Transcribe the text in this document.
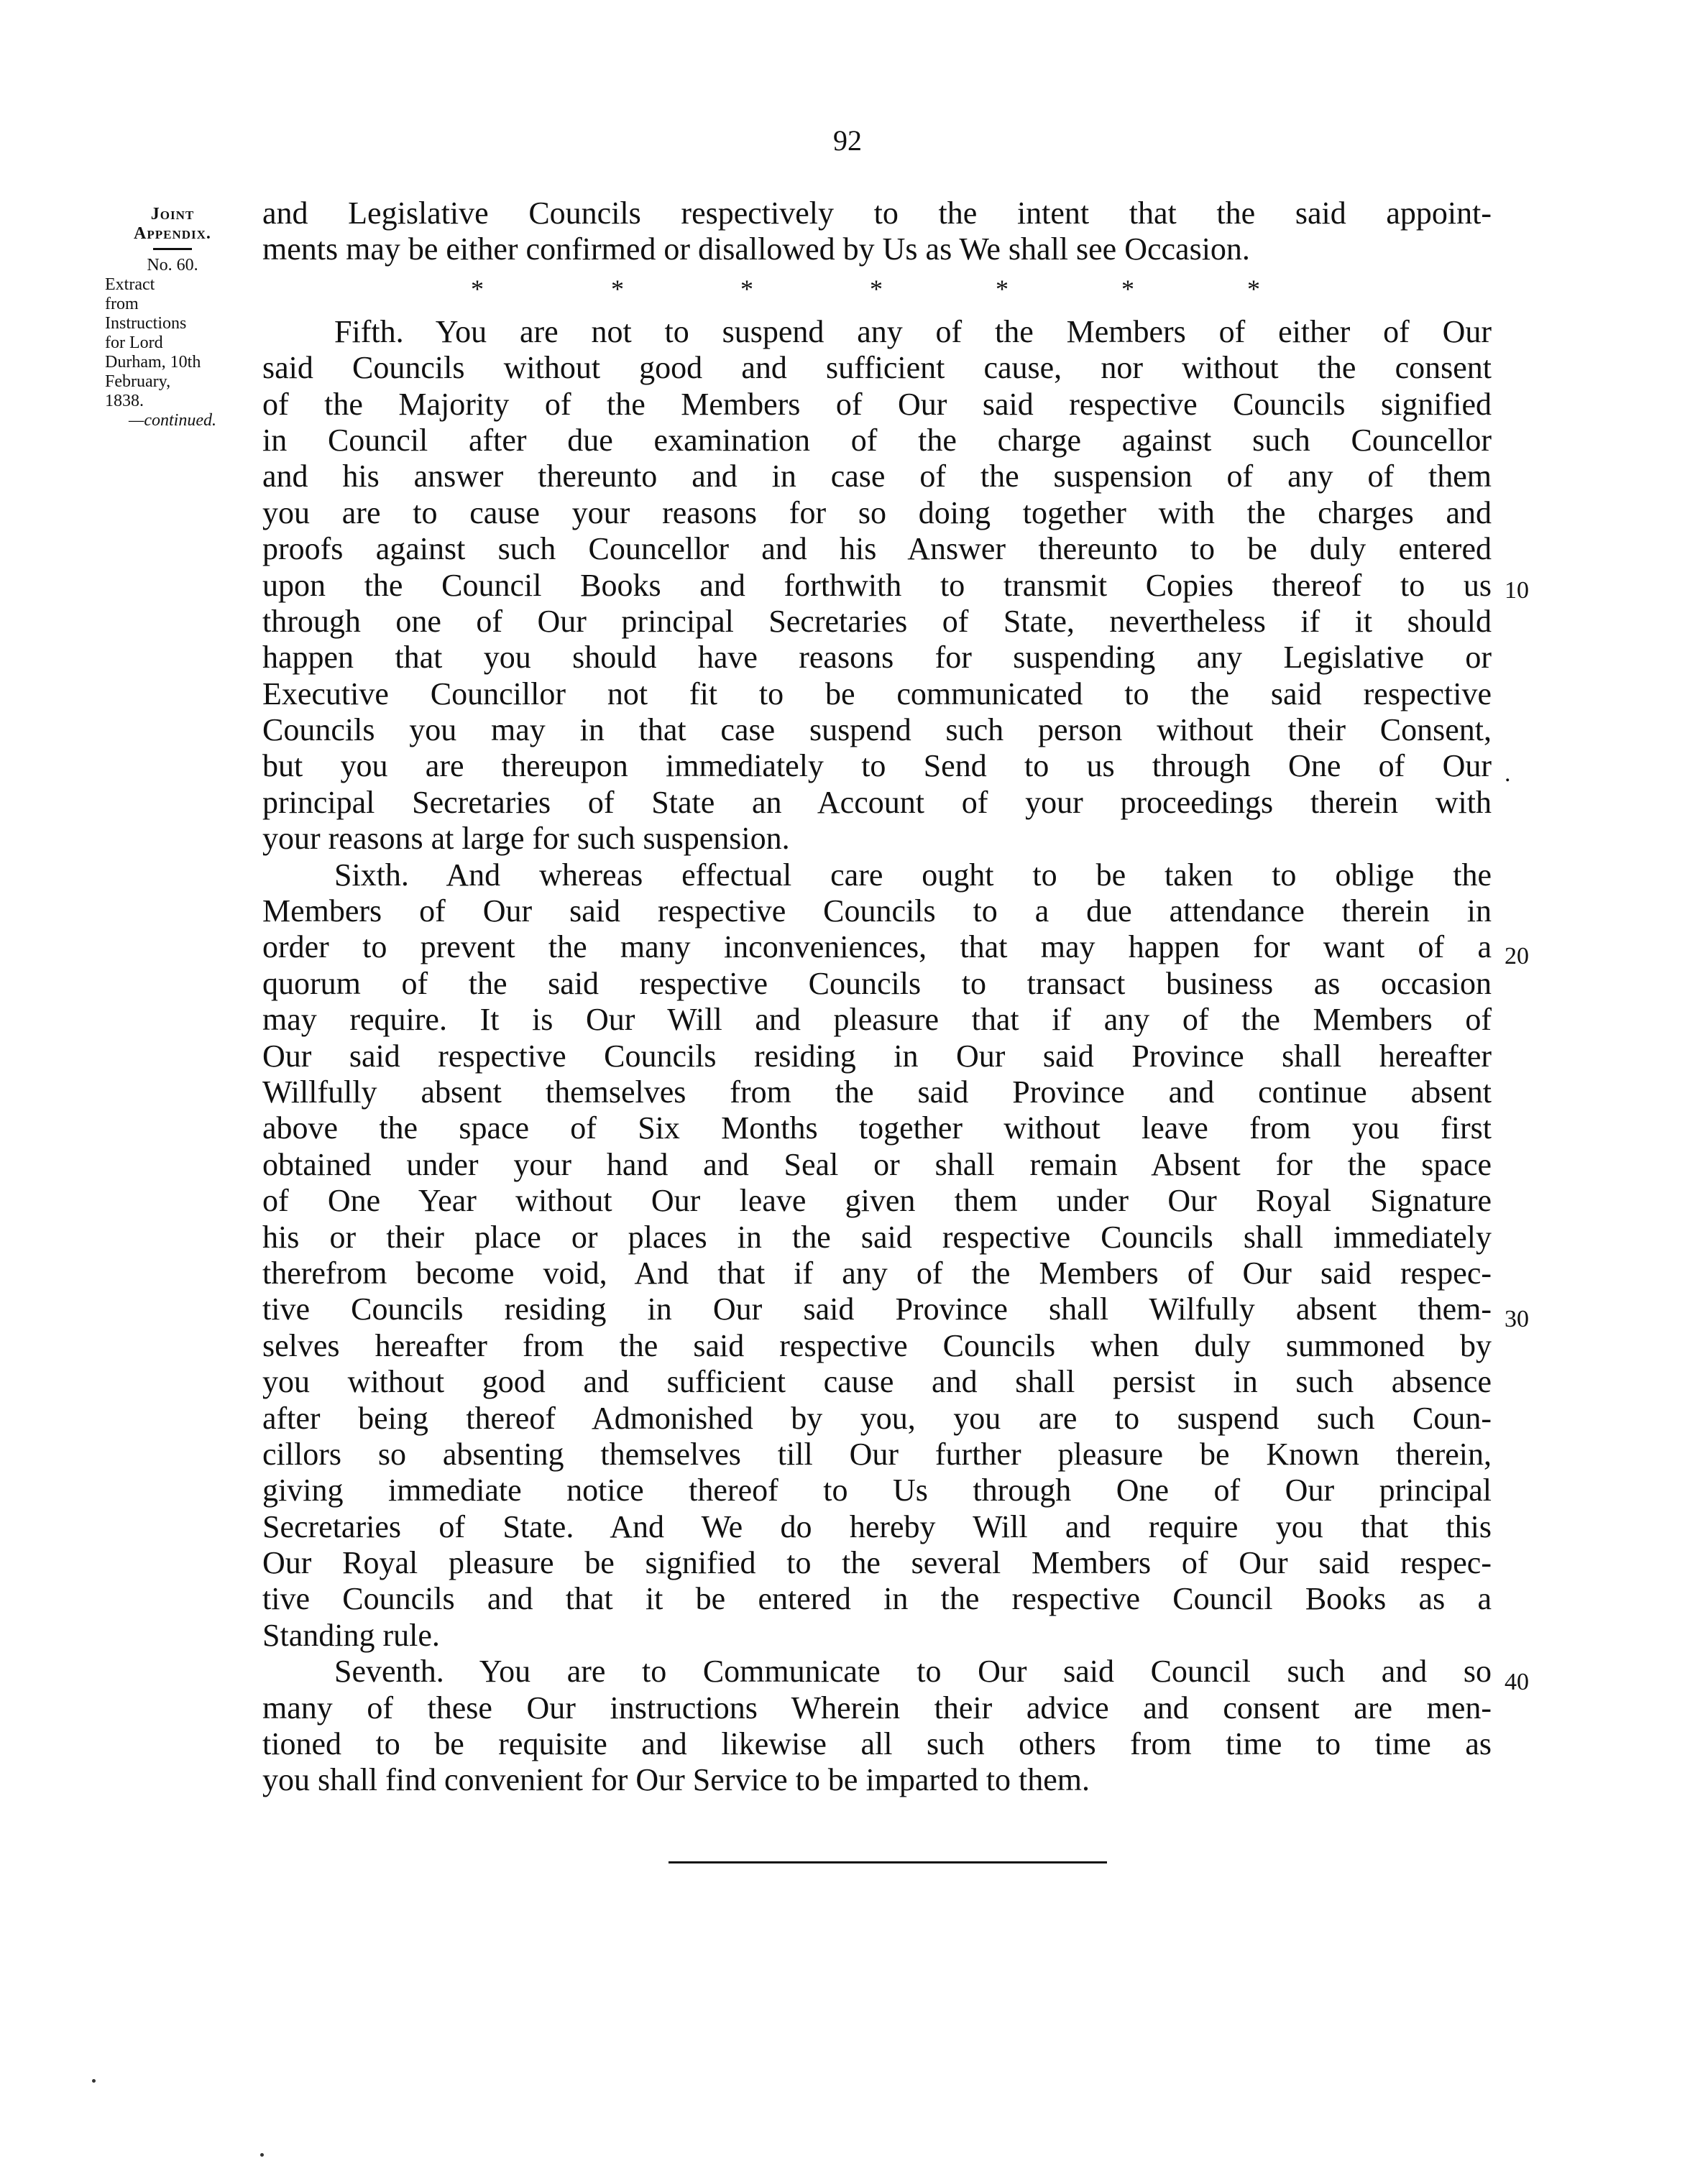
92
Joint
Appendix.
No. 60.
Extract
from
Instructions
for Lord
Durham, 10th
February,
1838.
—continued.
and Legislative Councils respectively to the intent that the said appoint-
ments may be either confirmed or disallowed by Us as We shall see Occasion.
*	*	*	*	*	*	*
Fifth. You are not to suspend any of the Members of either of Our
said Councils without good and sufficient cause, nor without the consent
of the Majority of the Members of Our said respective Councils signified
in Council after due examination of the charge against such Councellor
and his answer thereunto and in case of the suspension of any of them
you are to cause your reasons for so doing together with the charges and
proofs against such Councellor and his Answer thereunto to be duly entered
upon the Council Books and forthwith to transmit Copies thereof to us
through one of Our principal Secretaries of State, nevertheless if it should
happen that you should have reasons for suspending any Legislative or
Executive Councillor not fit to be communicated to the said respective
Councils you may in that case suspend such person without their Consent,
but you are thereupon immediately to Send to us through One of Our
principal Secretaries of State an Account of your proceedings therein with
your reasons at large for such suspension.
Sixth. And whereas effectual care ought to be taken to oblige the
Members of Our said respective Councils to a due attendance therein in
order to prevent the many inconveniences, that may happen for want of a
quorum of the said respective Councils to transact business as occasion
may require. It is Our Will and pleasure that if any of the Members of
Our said respective Councils residing in Our said Province shall hereafter
Willfully absent themselves from the said Province and continue absent
above the space of Six Months together without leave from you first
obtained under your hand and Seal or shall remain Absent for the space
of One Year without Our leave given them under Our Royal Signature
his or their place or places in the said respective Councils shall immediately
therefrom become void, And that if any of the Members of Our said respec-
tive Councils residing in Our said Province shall Wilfully absent them-
selves hereafter from the said respective Councils when duly summoned by
you without good and sufficient cause and shall persist in such absence
after being thereof Admonished by you, you are to suspend such Coun-
cillors so absenting themselves till Our further pleasure be Known therein,
giving immediate notice thereof to Us through One of Our principal
Secretaries of State. And We do hereby Will and require you that this
Our Royal pleasure be signified to the several Members of Our said respec-
tive Councils and that it be entered in the respective Council Books as a
Standing rule.
Seventh. You are to Communicate to Our said Council such and so
many of these Our instructions Wherein their advice and consent are men-
tioned to be requisite and likewise all such others from time to time as
you shall find convenient for Our Service to be imparted to them.
10
.
20
30
40
